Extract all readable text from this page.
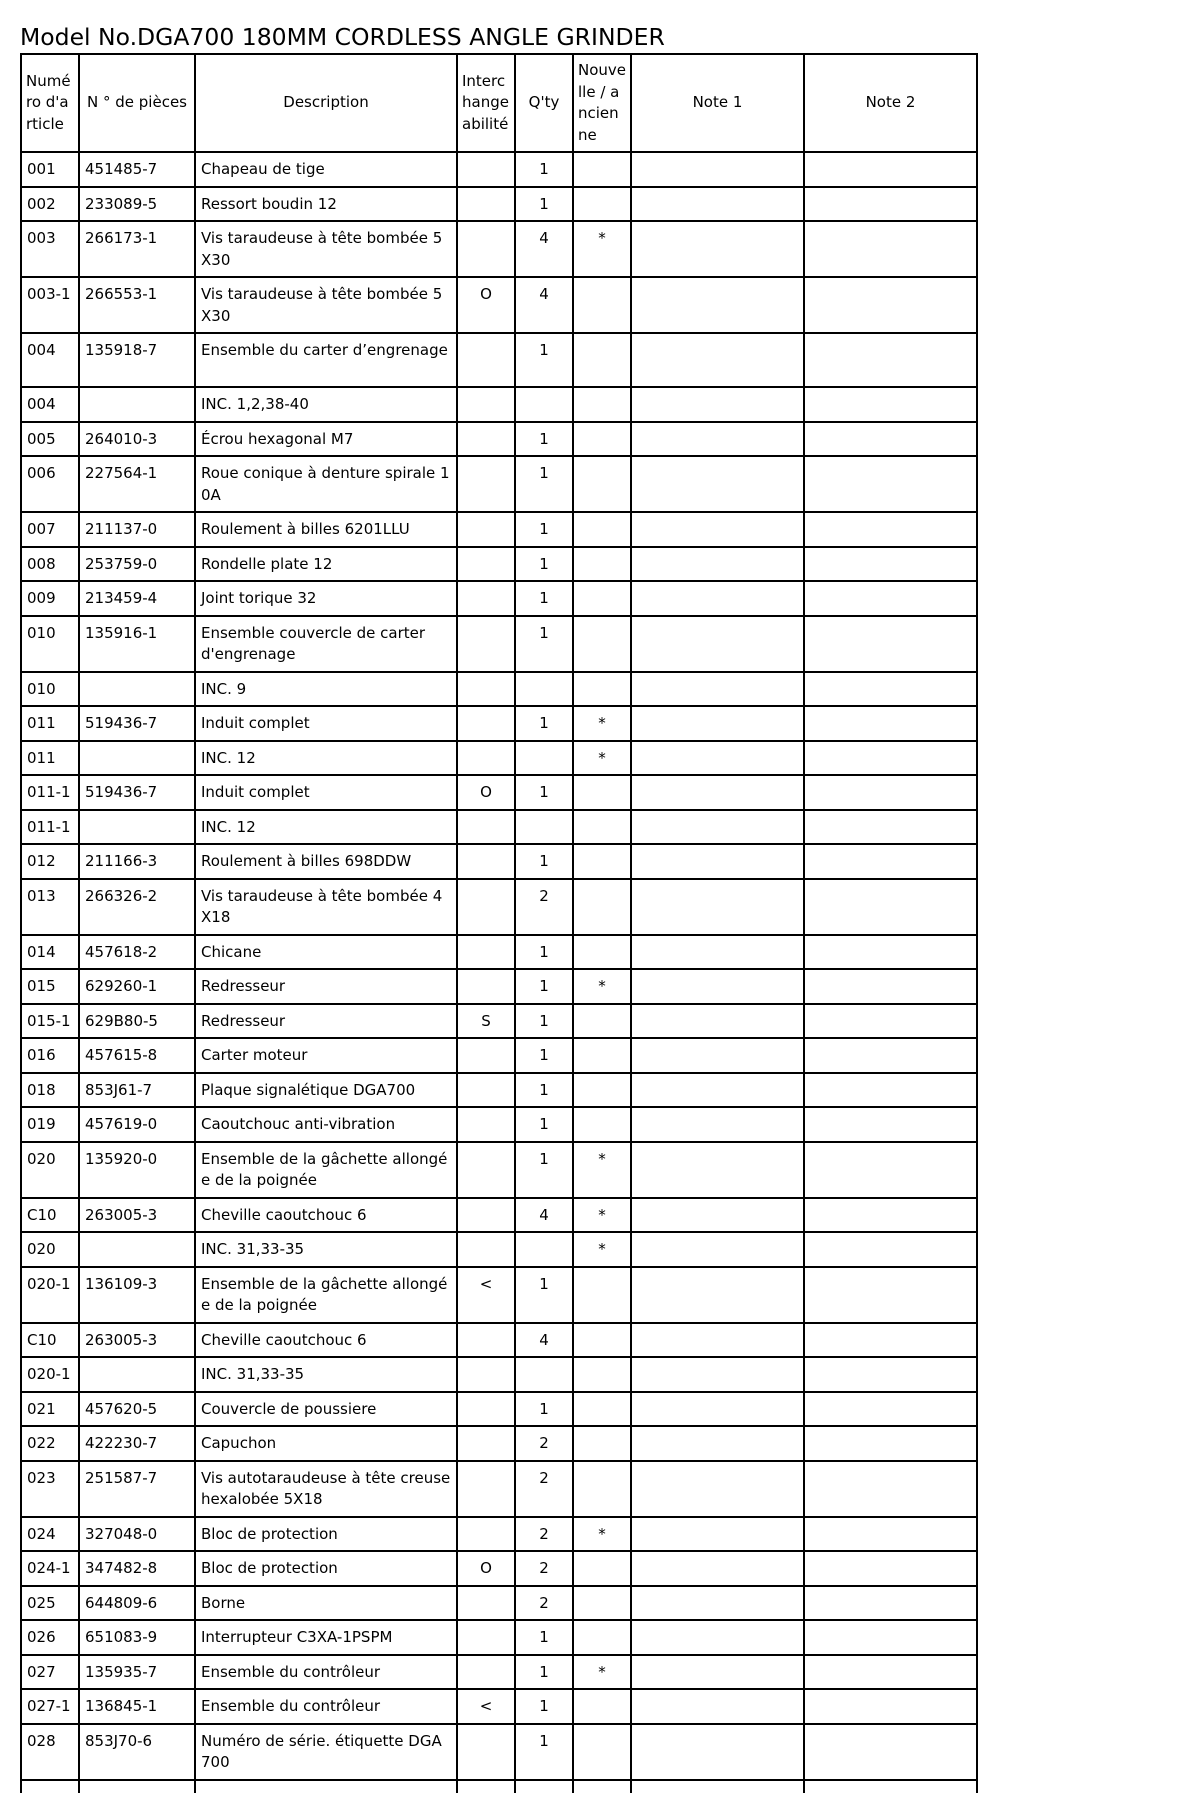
Model No.DGA700 180MM CORDLESS ANGLE GRINDER
Numéro d'article	N ° de pièces	Description	Interchangeabilité	Q'ty	Nouvelle / ancienne	Note 1	Note 2

001	451485-7	Chapeau de tige		1			

002	233089-5	Ressort boudin 12		1			

003	266173-1	Vis taraudeuse à tête bombée 5X30		4	*		

003-1	266553-1	Vis taraudeuse à tête bombée 5X30	O	4			

004	135918-7	Ensemble du carter d’engrenage		1			

004		INC. 1,2,38-40					

005	264010-3	Écrou hexagonal M7		1			

006	227564-1	Roue conique à denture spirale 10A		1			

007	211137-0	Roulement à billes 6201LLU		1			

008	253759-0	Rondelle plate 12		1			

009	213459-4	Joint torique 32		1			

010	135916-1	Ensemble couvercle de carter d'engrenage		1			

010		INC. 9					

011	519436-7	Induit complet		1	*		

011		INC. 12			*		

011-1	519436-7	Induit complet	O	1			

011-1		INC. 12					

012	211166-3	Roulement à billes 698DDW		1			

013	266326-2	Vis taraudeuse à tête bombée 4X18		2			

014	457618-2	Chicane		1			

015	629260-1	Redresseur		1	*		

015-1	629B80-5	Redresseur	S	1			

016	457615-8	Carter moteur		1			

018	853J61-7	Plaque signalétique DGA700		1			

019	457619-0	Caoutchouc anti-vibration		1			

020	135920-0	Ensemble de la gâchette allongée de la poignée		1	*		

C10	263005-3	Cheville caoutchouc 6		4	*		

020		INC. 31,33-35			*		

020-1	136109-3	Ensemble de la gâchette allongée de la poignée	<	1			

C10	263005-3	Cheville caoutchouc 6		4			

020-1		INC. 31,33-35					

021	457620-5	Couvercle de poussiere		1			

022	422230-7	Capuchon		2			

023	251587-7	Vis autotaraudeuse à tête creuse hexalobée 5X18		2			

024	327048-0	Bloc de protection		2	*		

024-1	347482-8	Bloc de protection	O	2			

025	644809-6	Borne		2			

026	651083-9	Interrupteur C3XA-1PSPM		1			

027	135935-7	Ensemble du contrôleur		1	*		

027-1	136845-1	Ensemble du contrôleur	<	1			

028	853J70-6	Numéro de série. étiquette DGA700		1			
